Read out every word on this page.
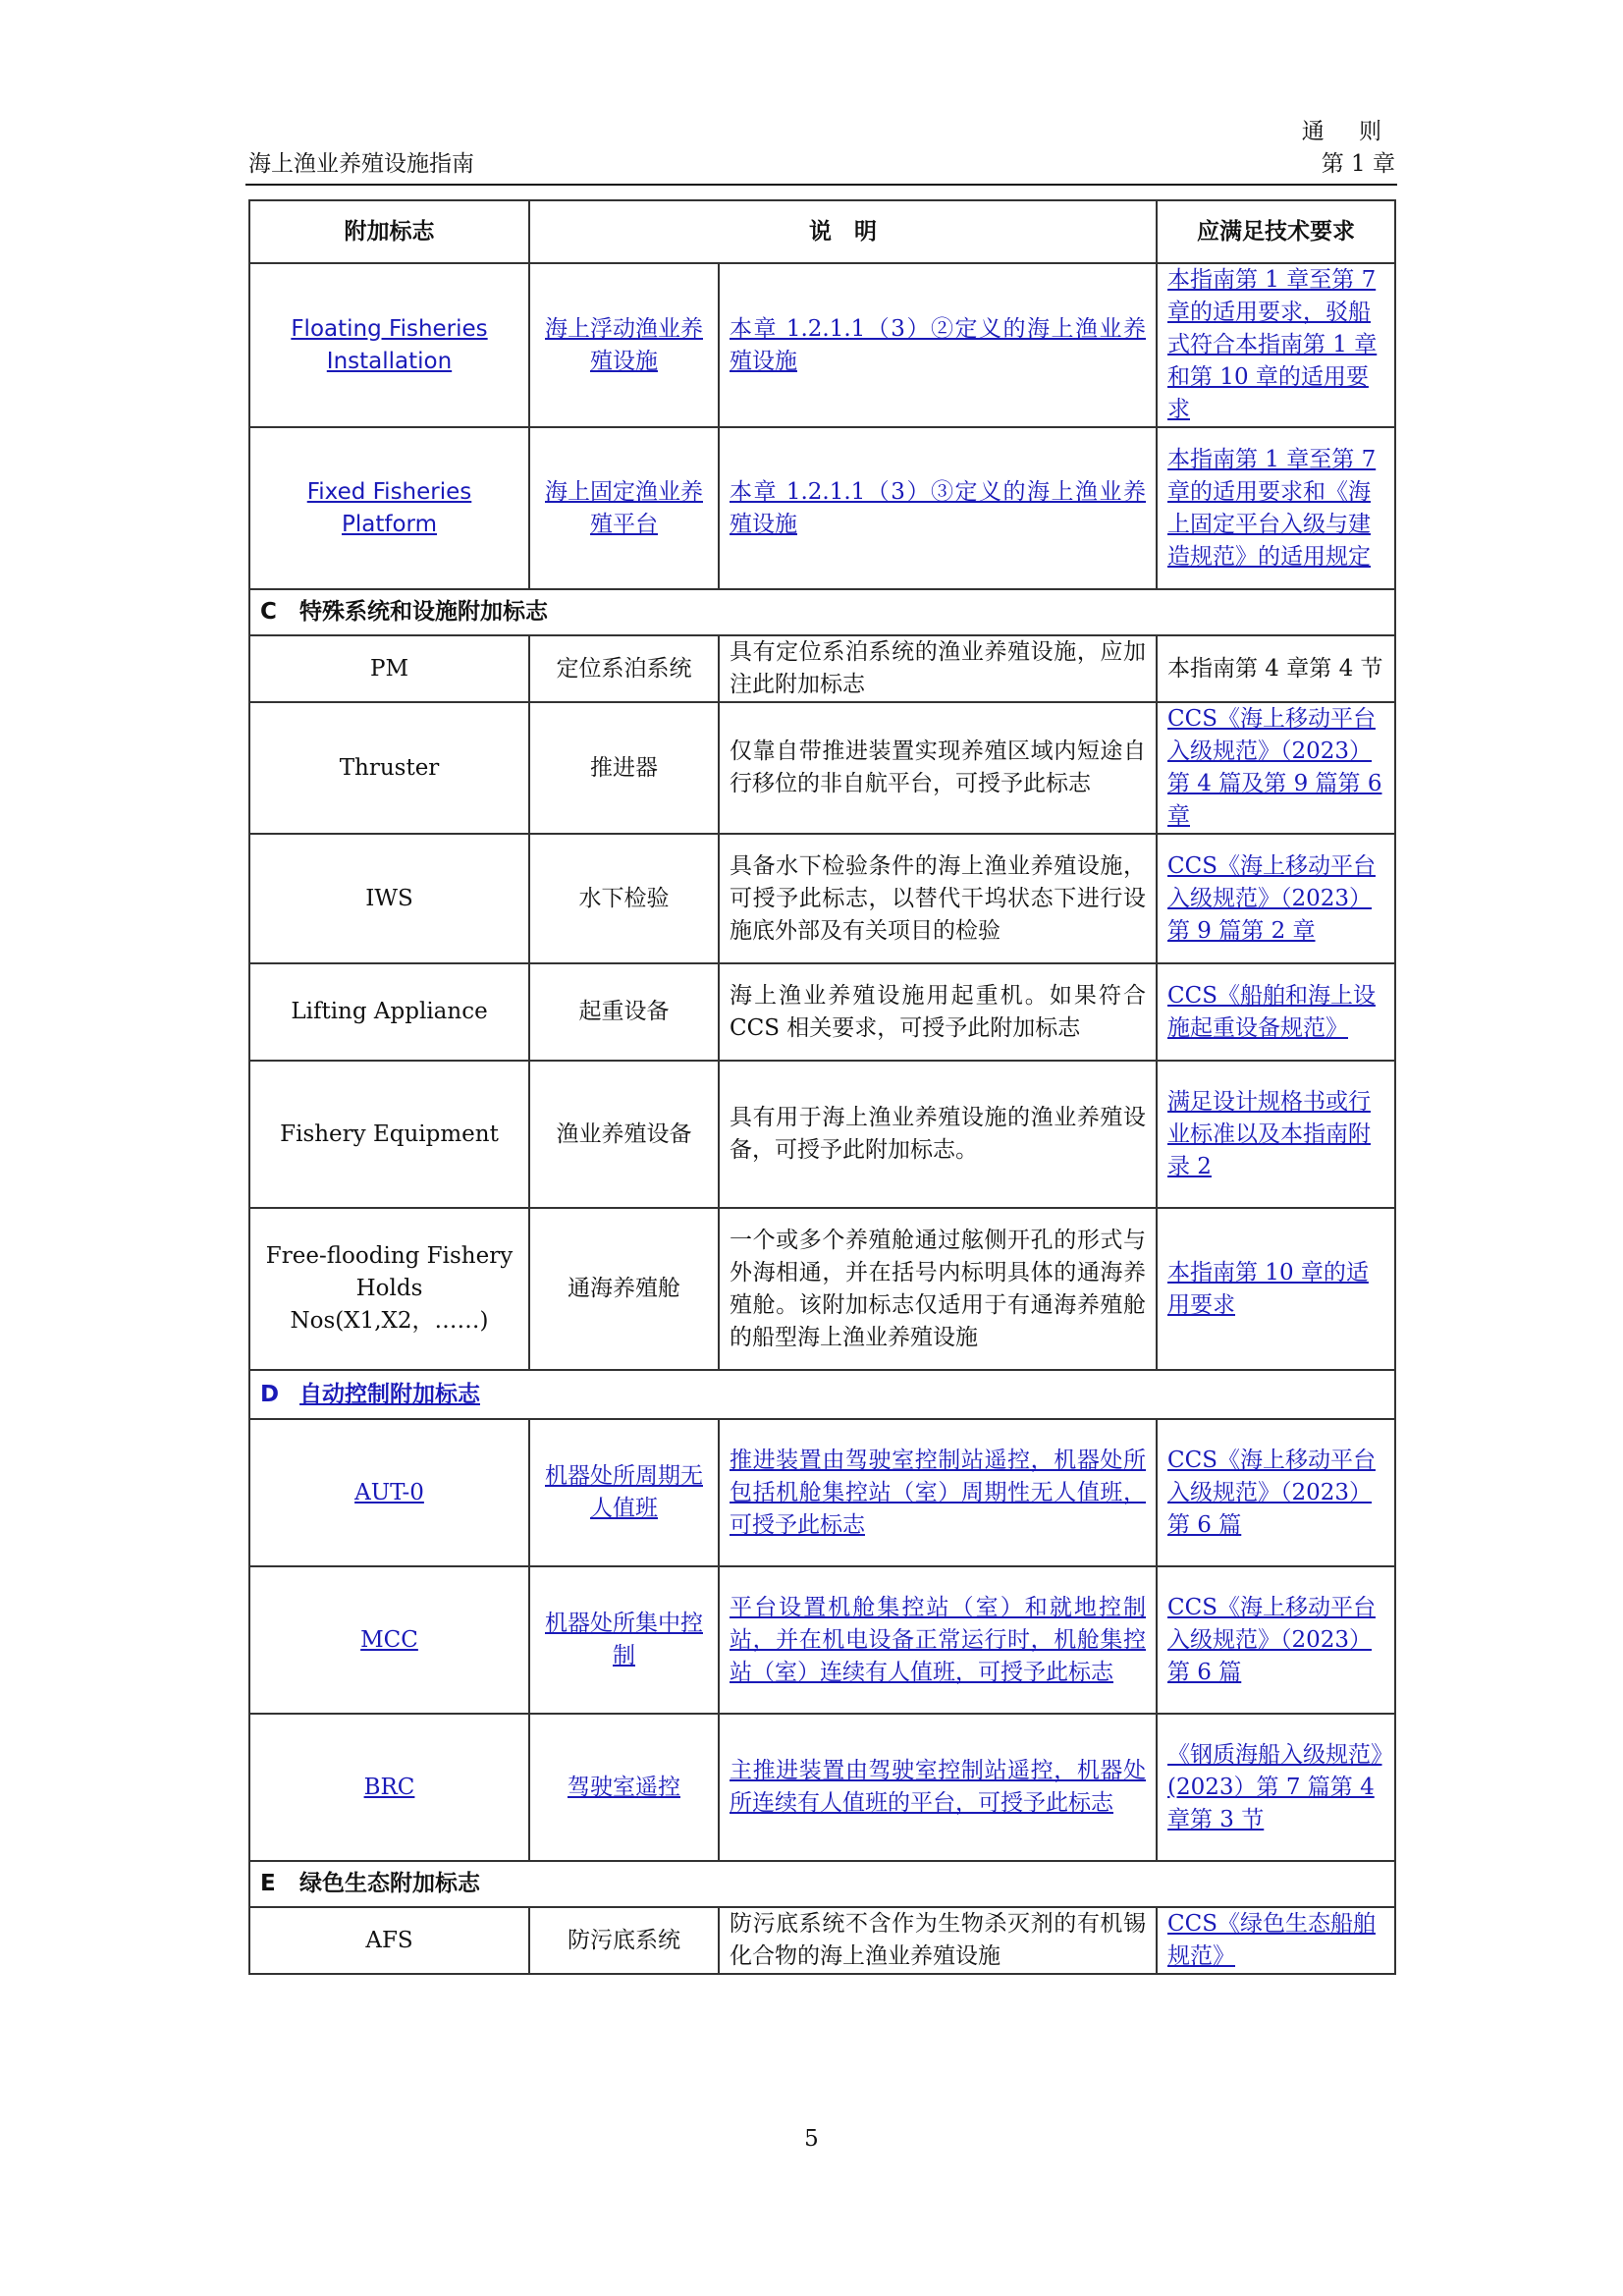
通 则
第 1 章
海上渔业养殖设施指南
附加标志	说　明		应满足技术要求
Floating Fisheries Installation	海上浮动渔业养殖设施	本章 1.2.1.1（3）②定义的海上渔业养殖设施	本指南第 1 章至第 7 章的适用要求，驳船式符合本指南第 1 章和第 10 章的适用要求
Fixed Fisheries Platform	海上固定渔业养殖平台	本章 1.2.1.1（3）③定义的海上渔业养殖设施	本指南第 1 章至第 7 章的适用要求和《海上固定平台入级与建造规范》的适用规定
C 特殊系统和设施附加标志			
PM	定位系泊系统	具有定位系泊系统的渔业养殖设施，应加注此附加标志	本指南第 4 章第 4 节
Thruster	推进器	仅靠自带推进装置实现养殖区域内短途自行移位的非自航平台，可授予此标志	CCS《海上移动平台入级规范》（2023）第 4 篇及第 9 篇第 6 章
IWS	水下检验	具备水下检验条件的海上渔业养殖设施，可授予此标志，以替代干坞状态下进行设施底外部及有关项目的检验	CCS《海上移动平台入级规范》（2023）第 9 篇第 2 章
Lifting Appliance	起重设备	海上渔业养殖设施用起重机。如果符合 CCS 相关要求，可授予此附加标志	CCS《船舶和海上设施起重设备规范》
Fishery Equipment	渔业养殖设备	具有用于海上渔业养殖设施的渔业养殖设备，可授予此附加标志。	满足设计规格书或行业标准以及本指南附录 2
Free-flooding Fishery Holds Nos(X1,X2，……)	通海养殖舱	一个或多个养殖舱通过舷侧开孔的形式与外海相通，并在括号内标明具体的通海养殖舱。该附加标志仅适用于有通海养殖舱的船型海上渔业养殖设施	本指南第 10 章的适用要求
D 自动控制附加标志			
AUT-0	机器处所周期无人值班	推进装置由驾驶室控制站遥控，机器处所包括机舱集控站（室）周期性无人值班，可授予此标志	CCS《海上移动平台入级规范》（2023）第 6 篇
MCC	机器处所集中控制	平台设置机舱集控站（室）和就地控制站，并在机电设备正常运行时，机舱集控站（室）连续有人值班，可授予此标志	CCS《海上移动平台入级规范》（2023）第 6 篇
BRC	驾驶室遥控	主推进装置由驾驶室控制站遥控，机器处所连续有人值班的平台，可授予此标志	《钢质海船入级规范》(2023）第 7 篇第 4 章第 3 节
E 绿色生态附加标志			
AFS	防污底系统	防污底系统不含作为生物杀灭剂的有机锡化合物的海上渔业养殖设施	CCS《绿色生态船舶规范》
5
